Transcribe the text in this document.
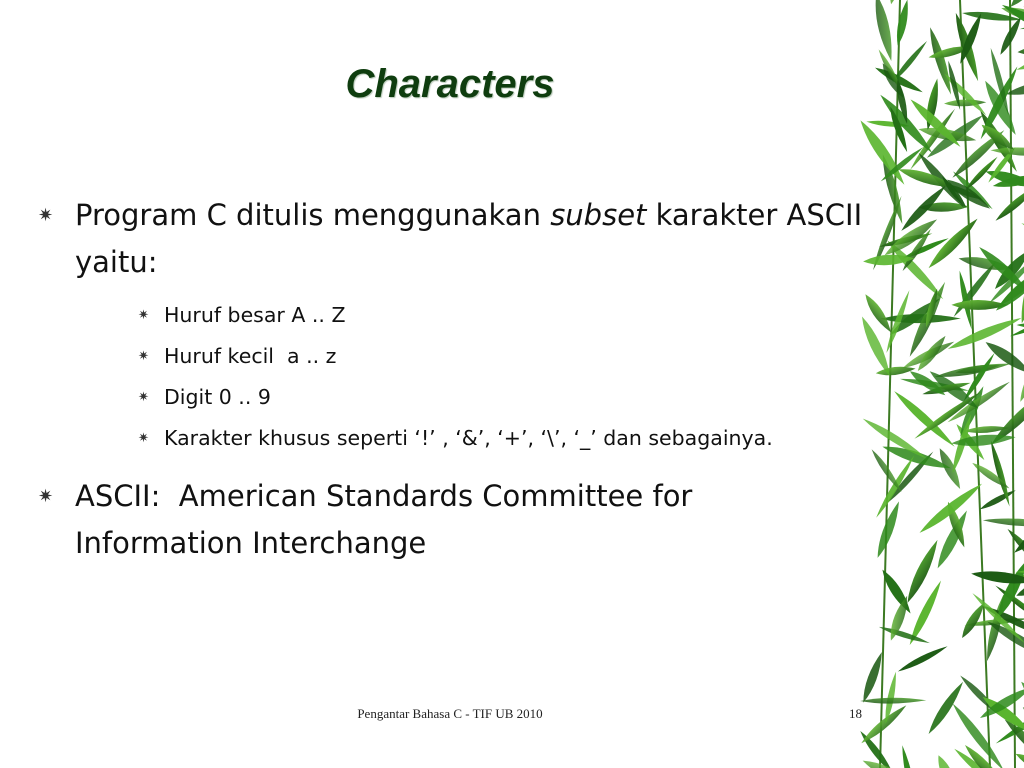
Characters
✷ Program C ditulis menggunakan subset karakter ASCII yaitu:
✷ Huruf besar A .. Z
✷ Huruf kecil  a .. z
✷ Digit 0 .. 9
✷ Karakter khusus seperti ‘!’ , ‘&’, ‘+’, ‘\’, ‘_’ dan sebagainya.
✷ ASCII:  American Standards Committee for Information Interchange
Pengantar Bahasa C - TIF UB 2010	18
